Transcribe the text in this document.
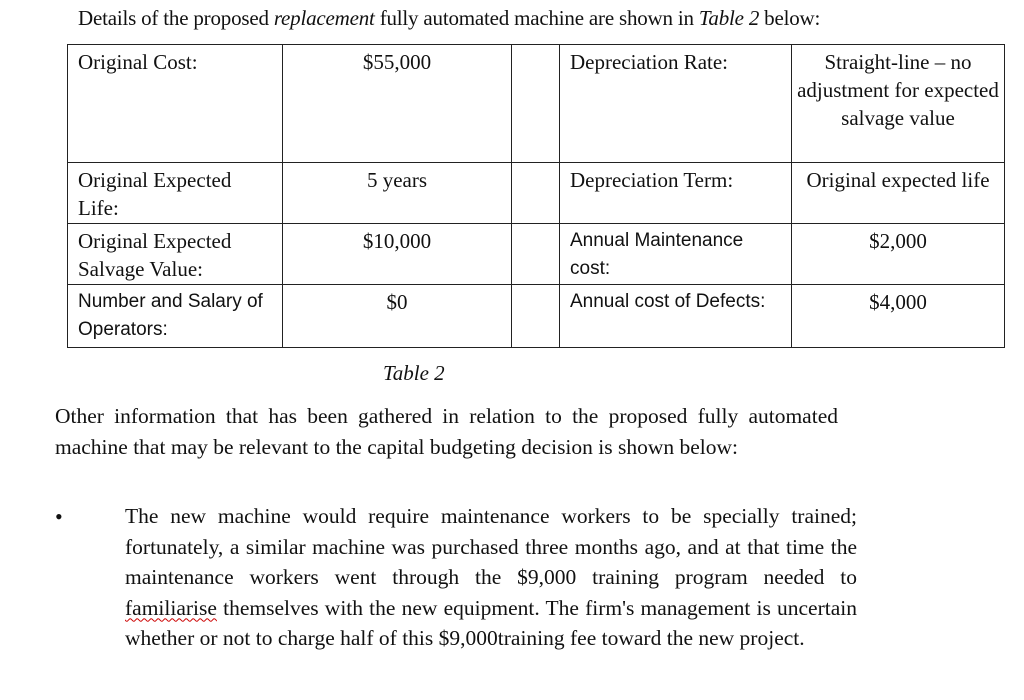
Details of the proposed replacement fully automated machine are shown in Table 2 below:
Original Cost:	$55,000		Depreciation Rate:	Straight-line – no adjustment for expected salvage value
Original Expected Life:	5 years		Depreciation Term:	Original expected life
Original Expected Salvage Value:	$10,000		Annual Maintenance cost:	$2,000
Number and Salary of Operators:	$0		Annual cost of Defects:	$4,000
Table 2
Other information that has been gathered in relation to the proposed fully automated machine that may be relevant to the capital budgeting decision is shown below:
•	The new machine would require maintenance workers to be specially trained; fortunately, a similar machine was purchased three months ago, and at that time the maintenance workers went through the $9,000 training program needed to familiarise themselves with the new equipment. The firm's management is uncertain whether or not to charge half of this $9,000training fee toward the new project.
